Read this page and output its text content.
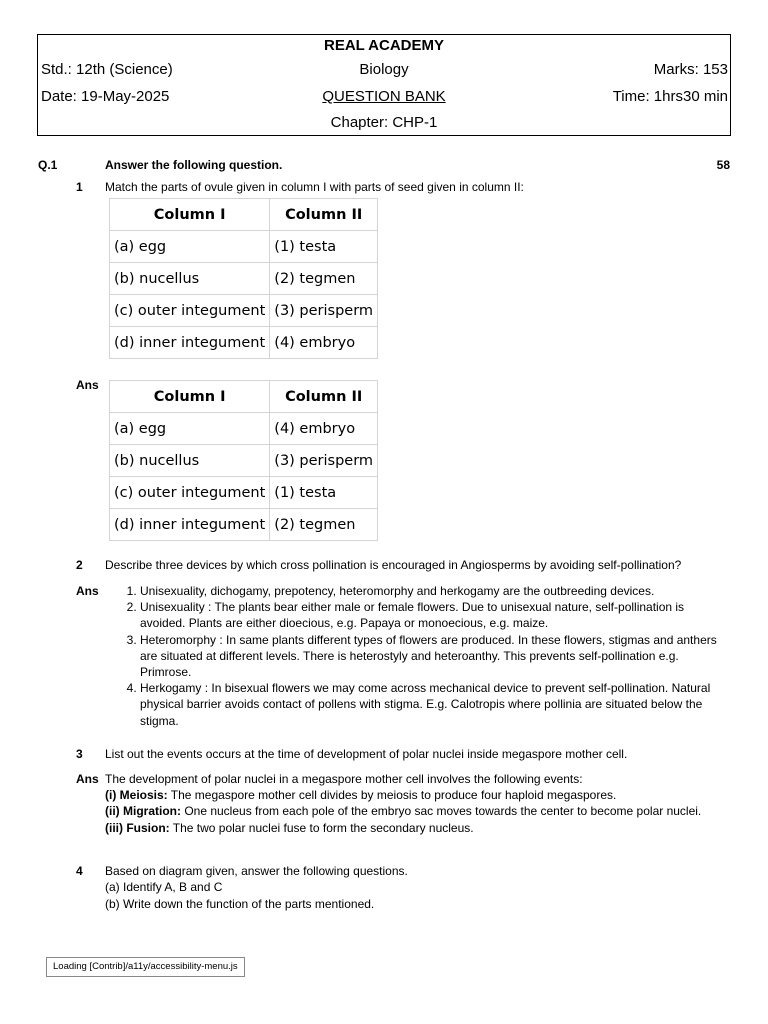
REAL ACADEMY
Std.: 12th (Science)	Biology	Marks: 153
Date: 19-May-2025	QUESTION BANK	Time: 1hrs30 min
Chapter: CHP-1
Q.1	Answer the following question.	58
1 Match the parts of ovule given in column I with parts of seed given in column II:
Column I	Column II
(a) egg	(1) testa
(b) nucellus	(2) tegmen
(c) outer integument	(3) perisperm
(d) inner integument	(4) embryo
Ans
Column I	Column II
(a) egg	(4) embryo
(b) nucellus	(3) perisperm
(c) outer integument	(1) testa
(d) inner integument	(2) tegmen
2 Describe three devices by which cross pollination is encouraged in Angiosperms by avoiding self-pollination?
Ans	1. Unisexuality, dichogamy, prepotency, heteromorphy and herkogamy are the outbreeding devices.
2. Unisexuality : The plants bear either male or female flowers. Due to unisexual nature, self-pollination is avoided. Plants are either dioecious, e.g. Papaya or monoecious, e.g. maize.
3. Heteromorphy : In same plants different types of flowers are produced. In these flowers, stigmas and anthers are situated at different levels. There is heterostyly and heteroanthy. This prevents self-pollination e.g. Primrose.
4. Herkogamy : In bisexual flowers we may come across mechanical device to prevent self-pollination. Natural physical barrier avoids contact of pollens with stigma. E.g. Calotropis where pollinia are situated below the stigma.
3 List out the events occurs at the time of development of polar nuclei inside megaspore mother cell.
Ans The development of polar nuclei in a megaspore mother cell involves the following events:
(i) Meiosis: The megaspore mother cell divides by meiosis to produce four haploid megaspores.
(ii) Migration: One nucleus from each pole of the embryo sac moves towards the center to become polar nuclei.
(iii) Fusion: The two polar nuclei fuse to form the secondary nucleus.
4 Based on diagram given, answer the following questions.
(a) Identify A, B and C
(b) Write down the function of the parts mentioned.
Loading [Contrib]/a11y/accessibility-menu.js
